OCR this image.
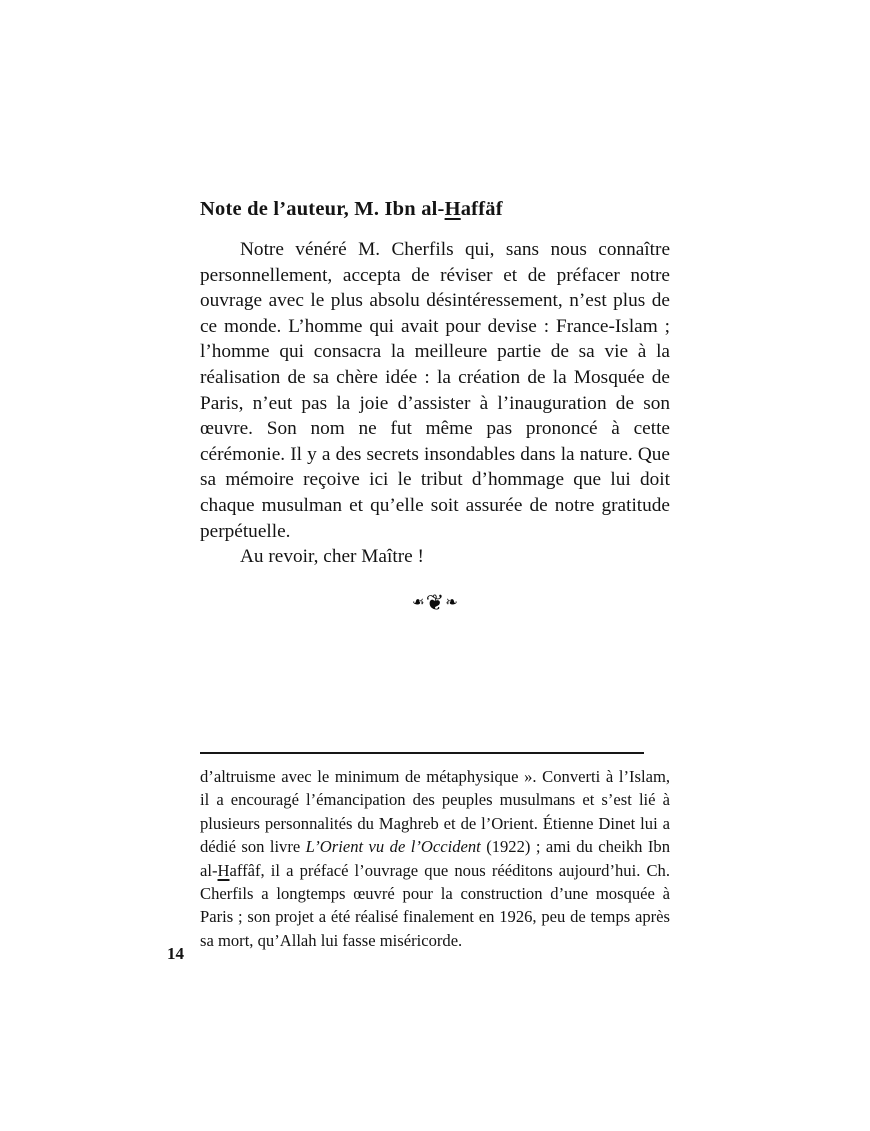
Note de l’auteur, M. Ibn al-Haffäf

Notre vénéré M. Cherfils qui, sans nous connaître personnellement, accepta de réviser et de préfacer notre ouvrage avec le plus absolu désintéressement, n’est plus de ce monde. L’homme qui avait pour devise : France-Islam ; l’homme qui consacra la meilleure partie de sa vie à la réalisation de sa chère idée : la création de la Mosquée de Paris, n’eut pas la joie d’assister à l’inauguration de son œuvre. Son nom ne fut même pas prononcé à cette cérémonie. Il y a des secrets insondables dans la nature. Que sa mémoire reçoive ici le tribut d’hommage que lui doit chaque musulman et qu’elle soit assurée de notre gratitude perpétuelle.

Au revoir, cher Maître !

❧❦❧

d’altruisme avec le minimum de métaphysique ». Converti à l’Islam, il a encouragé l’émancipation des peuples musulmans et s’est lié à plusieurs personnalités du Maghreb et de l’Orient. Étienne Dinet lui a dédié son livre L’Orient vu de l’Occident (1922) ; ami du cheikh Ibn al-Haffâf, il a préfacé l’ouvrage que nous rééditons aujourd’hui. Ch. Cherfils a longtemps œuvré pour la construction d’une mosquée à Paris ; son projet a été réalisé finalement en 1926, peu de temps après sa mort, qu’Allah lui fasse miséricorde.

14
